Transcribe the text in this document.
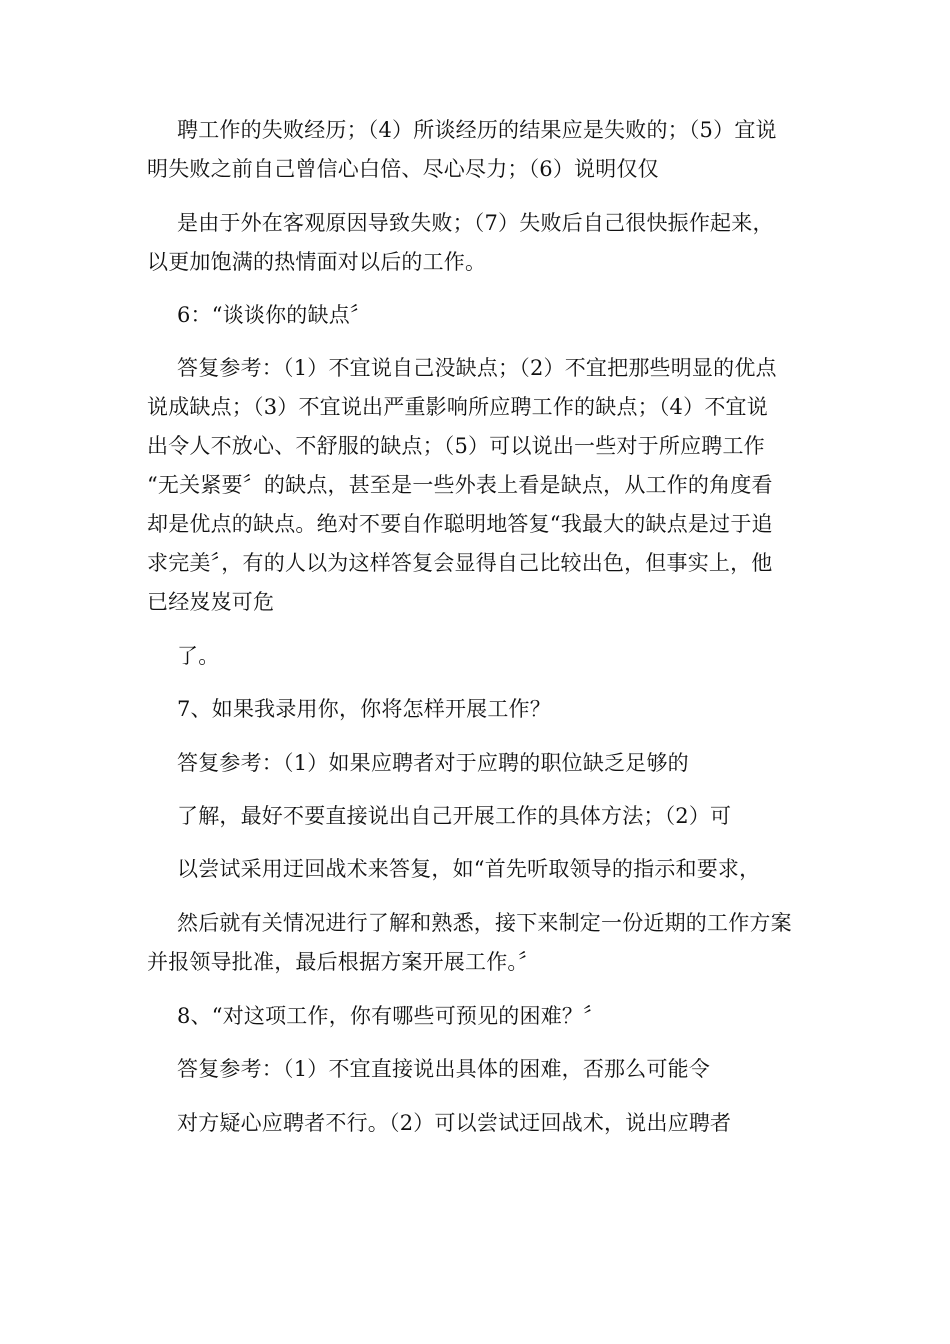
聘工作的失败经历；（4）所谈经历的结果应是失败的；（5）宜说
明失败之前自己曾信心白倍、尽心尽力；（6）说明仅仅
是由于外在客观原因导致失败；（7）失败后自己很快振作起来，
以更加饱满的热情面对以后的工作。
6：“谈谈你的缺点〞
答复参考：（1）不宜说自己没缺点；（2）不宜把那些明显的优点
说成缺点；（3）不宜说出严重影响所应聘工作的缺点；（4）不宜说
出令人不放心、不舒服的缺点；（5）可以说出一些对于所应聘工作
“无关紧要〞的缺点，甚至是一些外表上看是缺点，从工作的角度看
却是优点的缺点。绝对不要自作聪明地答复“我最大的缺点是过于追
求完美〞，有的人以为这样答复会显得自己比较出色，但事实上，他
已经岌岌可危
了。
7、如果我录用你，你将怎样开展工作？
答复参考：（1）如果应聘者对于应聘的职位缺乏足够的
了解，最好不要直接说出自己开展工作的具体方法；（2）可
以尝试采用迂回战术来答复，如“首先听取领导的指示和要求，
然后就有关情况进行了解和熟悉，接下来制定一份近期的工作方案
并报领导批准，最后根据方案开展工作。〞
8、“对这项工作，你有哪些可预见的困难？〞
答复参考：（1）不宜直接说出具体的困难，否那么可能令
对方疑心应聘者不行。（2）可以尝试迂回战术，说出应聘者
